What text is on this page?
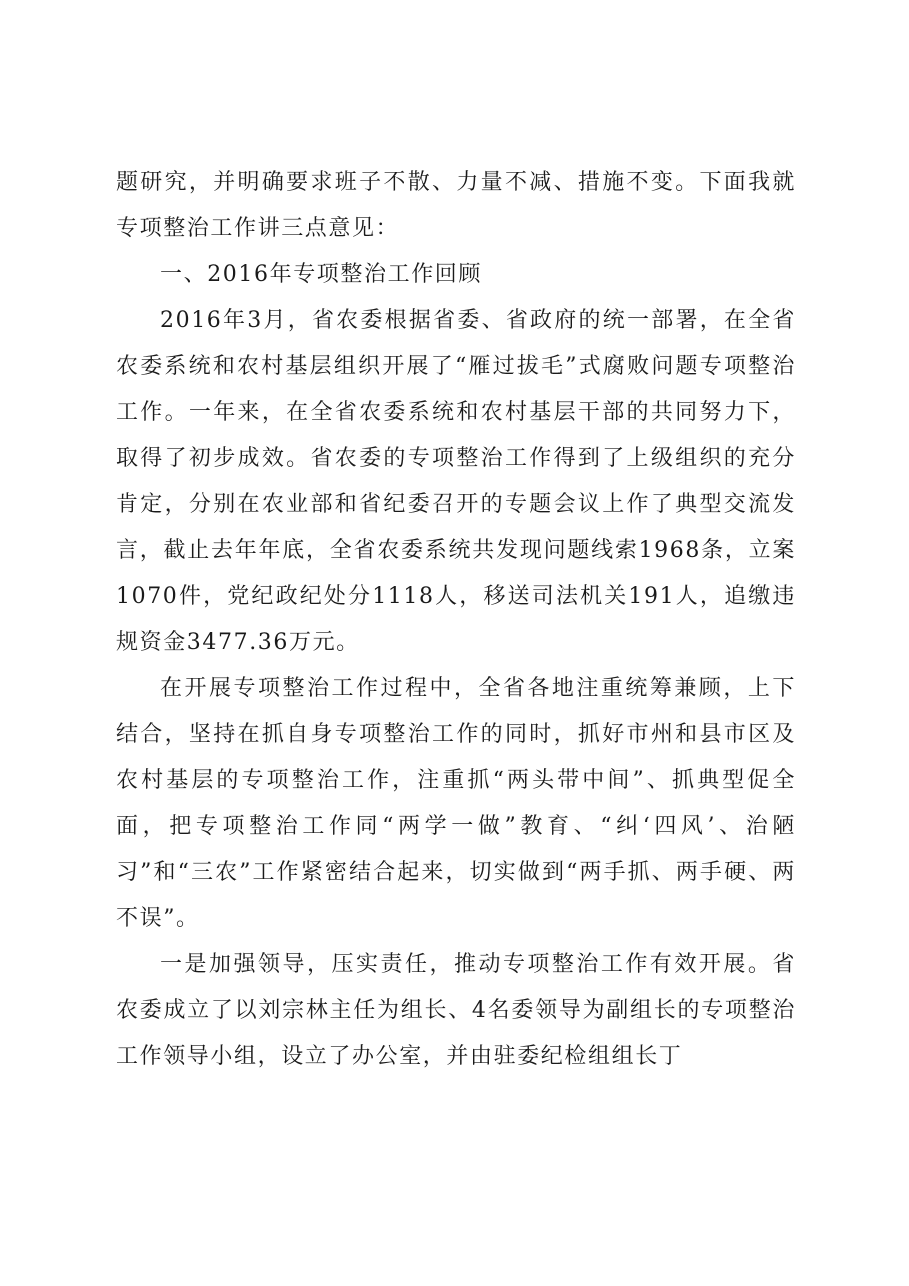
题研究，并明确要求班子不散、力量不减、措施不变。下面我就专项整治工作讲三点意见：

一、2016年专项整治工作回顾

2016年3月，省农委根据省委、省政府的统一部署，在全省农委系统和农村基层组织开展了“雁过拔毛”式腐败问题专项整治工作。一年来，在全省农委系统和农村基层干部的共同努力下，取得了初步成效。省农委的专项整治工作得到了上级组织的充分肯定，分别在农业部和省纪委召开的专题会议上作了典型交流发言，截止去年年底，全省农委系统共发现问题线索1968条，立案1070件，党纪政纪处分1118人，移送司法机关191人，追缴违规资金3477.36万元。

在开展专项整治工作过程中，全省各地注重统筹兼顾，上下结合，坚持在抓自身专项整治工作的同时，抓好市州和县市区及农村基层的专项整治工作，注重抓“两头带中间”、抓典型促全面，把专项整治工作同“两学一做”教育、“纠‘四风’、治陋习”和“三农”工作紧密结合起来，切实做到“两手抓、两手硬、两不误”。

一是加强领导，压实责任，推动专项整治工作有效开展。省农委成立了以刘宗林主任为组长、4名委领导为副组长的专项整治工作领导小组，设立了办公室，并由驻委纪检组组长丁
